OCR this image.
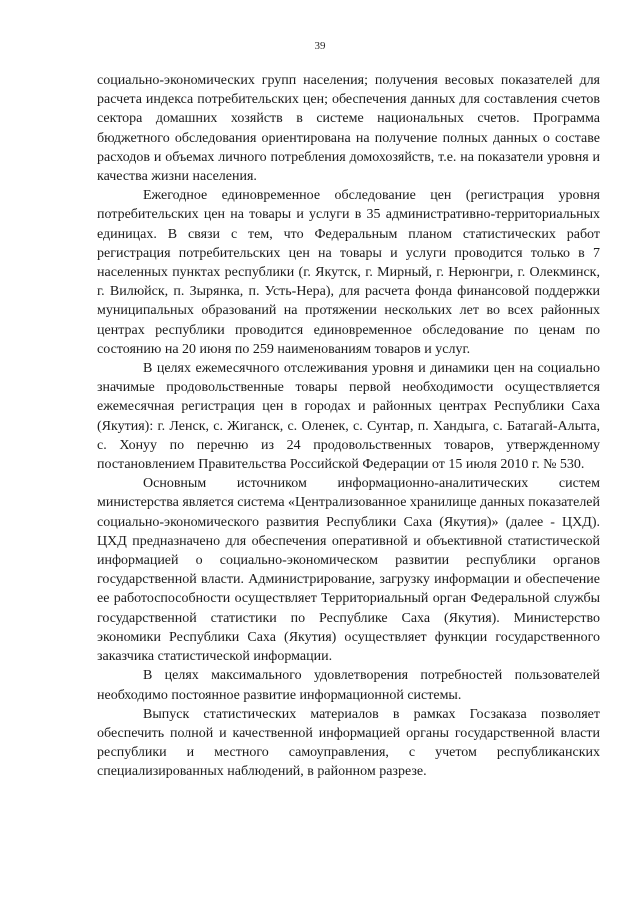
39

социально-экономических групп населения; получения весовых показателей для расчета индекса потребительских цен; обеспечения данных для составления счетов сектора домашних хозяйств в системе национальных счетов. Программа бюджетного обследования ориентирована на получение полных данных о составе расходов и объемах личного потребления домохозяйств, т.е. на показатели уровня и качества жизни населения.

Ежегодное единовременное обследование цен (регистрация уровня потребительских цен на товары и услуги в 35 административно-территориальных единицах. В связи с тем, что Федеральным планом статистических работ регистрация потребительских цен на товары и услуги проводится только в 7 населенных пунктах республики (г. Якутск, г. Мирный, г. Нерюнгри, г. Олекминск, г. Вилюйск, п. Зырянка, п. Усть-Нера), для расчета фонда финансовой поддержки муниципальных образований на протяжении нескольких лет во всех районных центрах республики проводится единовременное обследование по ценам по состоянию на 20 июня по 259 наименованиям товаров и услуг.

В целях ежемесячного отслеживания уровня и динамики цен на социально значимые продовольственные товары первой необходимости осуществляется ежемесячная регистрация цен в городах и районных центрах Республики Саха (Якутия): г. Ленск, с. Жиганск, с. Оленек, с. Сунтар, п. Хандыга, с. Батагай-Алыта, с. Хонуу по перечню из 24 продовольственных товаров, утвержденному постановлением Правительства Российской Федерации от 15 июля 2010 г. № 530.

Основным источником информационно-аналитических систем министерства является система «Централизованное хранилище данных показателей социально-экономического развития Республики Саха (Якутия)» (далее - ЦХД). ЦХД предназначено для обеспечения оперативной и объективной статистической информацией о социально-экономическом развитии республики органов государственной власти. Администрирование, загрузку информации и обеспечение ее работоспособности осуществляет Территориальный орган Федеральной службы государственной статистики по Республике Саха (Якутия). Министерство экономики Республики Саха (Якутия) осуществляет функции государственного заказчика статистической информации.

В целях максимального удовлетворения потребностей пользователей необходимо постоянное развитие информационной системы.

Выпуск статистических материалов в рамках Госзаказа позволяет обеспечить полной и качественной информацией органы государственной власти республики и местного самоуправления, с учетом республиканских специализированных наблюдений, в районном разрезе.
